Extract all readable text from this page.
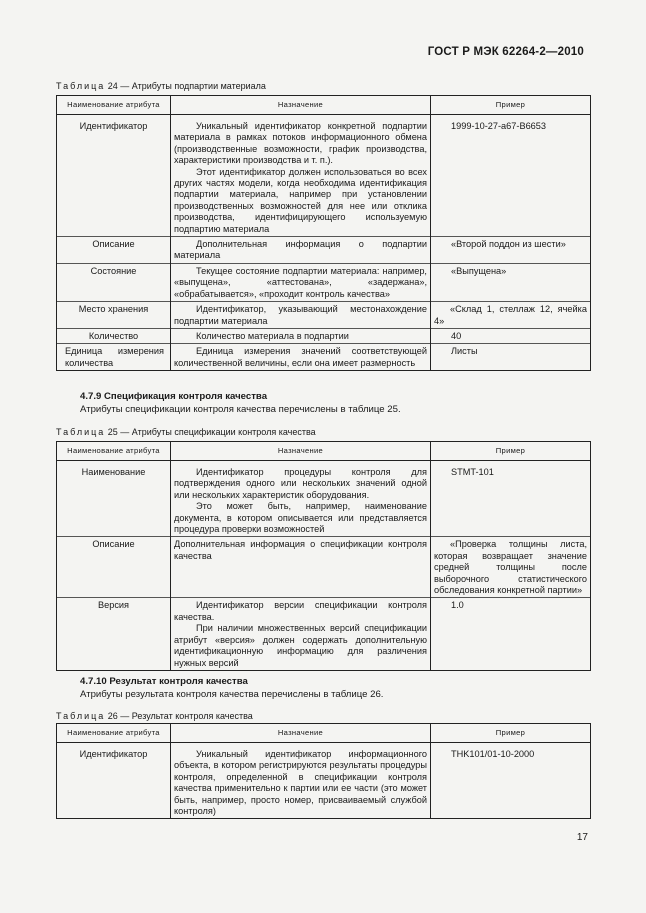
ГОСТ Р МЭК 62264-2—2010
Таблица 24 — Атрибуты подпартии материала
Наименование атрибута	Назначение	Пример
Идентификатор	Уникальный идентификатор конкретной подпартии материала в рамках потоков информационного обмена (производственные возможности, график производства, характеристики производства и т. п.).

Этот идентификатор должен использоваться во всех других частях модели, когда необходима идентификация подпартии материала, например при установлении производственных возможностей для нее или отклика производства, идентифицирующего используемую подпартию материала	1999-10-27-a67-B6653
Описание	Дополнительная информация о подпартии материала	«Второй поддон из шести»
Состояние	Текущее состояние подпартии материала: например, «выпущена», «аттестована», «задержана», «обрабатывается», «проходит контроль качества»	«Выпущена»
Место хранения	Идентификатор, указывающий местонахождение подпартии материала	«Склад 1, стеллаж 12, ячейка 4»

Количество	Количество материала в подпартии	40
Единица измерения количества	Единица измерения значений соответствующей количественной величины, если она имеет размерность	Листы
4.7.9 Спецификация контроля качества
Атрибуты спецификации контроля качества перечислены в таблице 25.
Таблица 25 — Атрибуты спецификации контроля качества
Наименование атрибута	Назначение	Пример
Наименование	Идентификатор процедуры контроля для подтверждения одного или нескольких значений одной или нескольких характеристик оборудования.

Это может быть, например, наименование документа, в котором описывается или представляется процедура проверки возможностей	STMT-101
Описание	Дополнительная информация о спецификации контроля качества	«Проверка толщины листа, которая возвращает значение средней толщины после выборочного статистического обследования конкретной партии»

Версия	Идентификатор версии спецификации контроля качества.

При наличии множественных версий спецификации атрибут «версия» должен содержать дополнительную идентификационную информацию для различения нужных версий	1.0
4.7.10 Результат контроля качества
Атрибуты результата контроля качества перечислены в таблице 26.
Таблица 26 — Результат контроля качества
Наименование атрибута	Назначение	Пример
Идентификатор	Уникальный идентификатор информационного объекта, в котором регистрируются результаты процедуры контроля, определенной в спецификации контроля качества применительно к партии или ее части (это может быть, например, просто номер, присваиваемый службой контроля)	THK101/01-10-2000
17
